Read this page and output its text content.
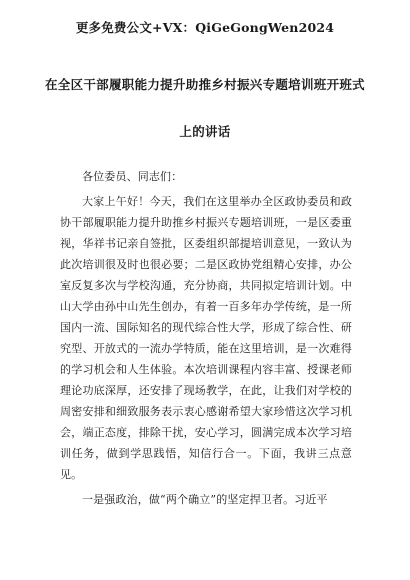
更多免费公文+VX：QiGeGongWen2024
在全区干部履职能力提升助推乡村振兴专题培训班开班式
上的讲话

各位委员、同志们：

大家上午好！今天，我们在这里举办全区政协委员和政协干部履职能力提升助推乡村振兴专题培训班，一是区委重视，华祥书记亲自签批，区委组织部提培训意见，一致认为此次培训很及时也很必要；二是区政协党组精心安排，办公室反复多次与学校沟通，充分协商，共同拟定培训计划。中山大学由孙中山先生创办，有着一百多年办学传统，是一所国内一流、国际知名的现代综合性大学，形成了综合性、研究型、开放式的一流办学特质，能在这里培训，是一次难得的学习机会和人生体验。本次培训课程内容丰富、授课老师理论功底深厚，还安排了现场教学，在此，让我们对学校的周密安排和细致服务表示衷心感谢希望大家珍惜这次学习机会，端正态度，排除干扰，安心学习，圆满完成本次学习培训任务，做到学思践悟，知信行合一。下面，我讲三点意见。

一是强政治，做“两个确立”的坚定捍卫者。习近平
